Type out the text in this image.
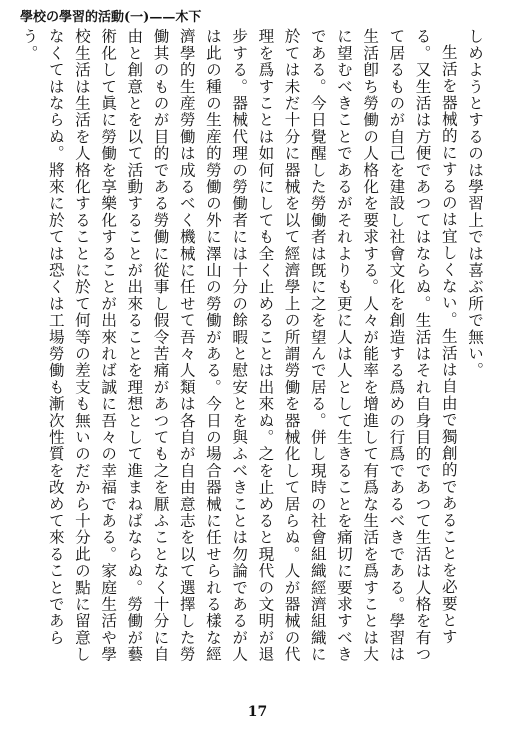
學校の學習的活動(一)——木下

しめようとするのは學習上では喜ぶ所で無い。

生活を器械的にするのは宜しくない。生活は自由で獨創的であることを必要とする。又生活は方便であつてはならぬ。生活はそれ自身目的であつて生活は人格を有つて居るものが自己を建設し社會文化を創造する爲めの行爲であるべきである。學習は生活卽ち勞働の人格化を要求する。人々が能率を增進して有爲な生活を爲すことは大に望むべきことであるがそれよりも更に人は人として生きることを痛切に要求すべきである。今日覺醒した勞働者は旣に之を望んで居る。併し現時の社會組織經濟組織に於ては未だ十分に器械を以て經濟學上の所謂勞働を器械化して居らぬ。人が器械の代理を爲すことは如何にしても全く止めることは出來ぬ。之を止めると現代の文明が退步する。器械代理の勞働者には十分の餘暇と慰安とを與ふべきことは勿論であるが人は此の種の生産的勞働の外に澤山の勞働がある。今日の場合器械に任せられる樣な經濟學的生産勞働は成るべく機械に任せて吾々人類は各自が自由意志を以て選擇した勞働其のものが目的である勞働に從事し假令苦痛があつても之を厭ふことなく十分に自由と創意とを以て活動することが出來ることを理想として進まねばならぬ。勞働が藝術化して眞に勞働を享樂化することが出來れば誠に吾々の幸福である。家庭生活や學校生活は生活を人格化することに於て何等の差支も無いのだから十分此の點に留意しなくてはならぬ。將來に於ては恐くは工場勞働も漸次性質を改めて來ることであらう。

17
